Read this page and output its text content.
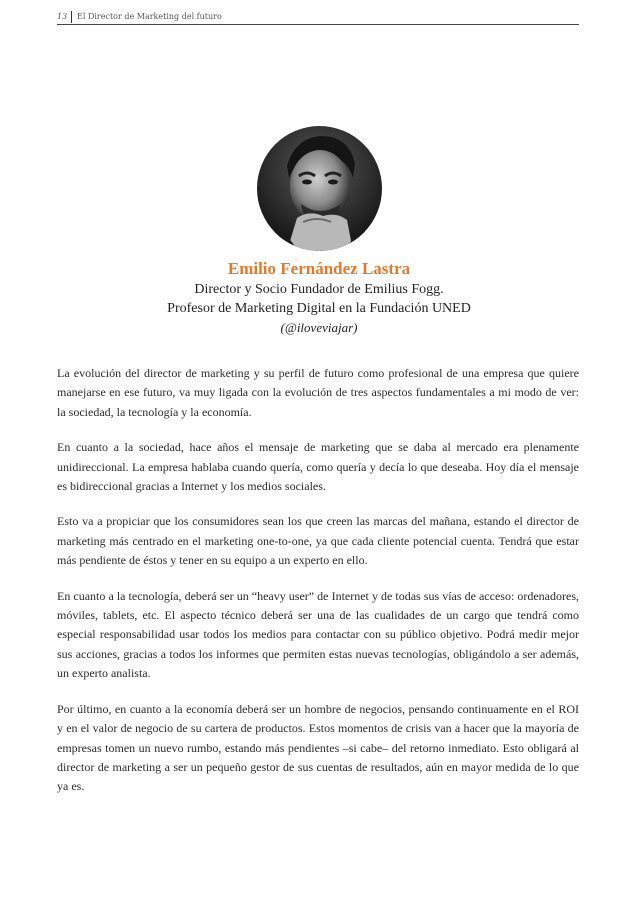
13 El Director de Marketing del futuro

Emilio Fernández Lastra

Director y Socio Fundador de Emilius Fogg.

Profesor de Marketing Digital en la Fundación UNED

(@iloveviajar)

La evolución del director de marketing y su perfil de futuro como profesional de una empresa que quiere manejarse en ese futuro, va muy ligada con la evolución de tres aspectos fundamentales a mi modo de ver: la sociedad, la tecnología y la economía.

En cuanto a la sociedad, hace años el mensaje de marketing que se daba al mercado era plenamente unidireccional. La empresa hablaba cuando quería, como quería y decía lo que deseaba. Hoy día el mensaje es bidireccional gracias a Internet y los medios sociales.

Esto va a propiciar que los consumidores sean los que creen las marcas del mañana, estando el director de marketing más centrado en el marketing one-to-one, ya que cada cliente potencial cuenta. Tendrá que estar más pendiente de éstos y tener en su equipo a un experto en ello.

En cuanto a la tecnología, deberá ser un “heavy user” de Internet y de todas sus vías de acceso: ordenadores, móviles, tablets, etc. El aspecto técnico deberá ser una de las cualidades de un cargo que tendrá como especial responsabilidad usar todos los medios para contactar con su público objetivo. Podrá medir mejor sus acciones, gracias a todos los informes que permiten estas nuevas tecnologías, obligándolo a ser además, un experto analista.

Por último, en cuanto a la economía deberá ser un hombre de negocios, pensando continuamente en el ROI y en el valor de negocio de su cartera de productos. Estos momentos de crisis van a hacer que la mayoría de empresas tomen un nuevo rumbo, estando más pendientes –si cabe– del retorno inmediato. Esto obligará al director de marketing a ser un pequeño gestor de sus cuentas de resultados, aún en mayor medida de lo que ya es.
